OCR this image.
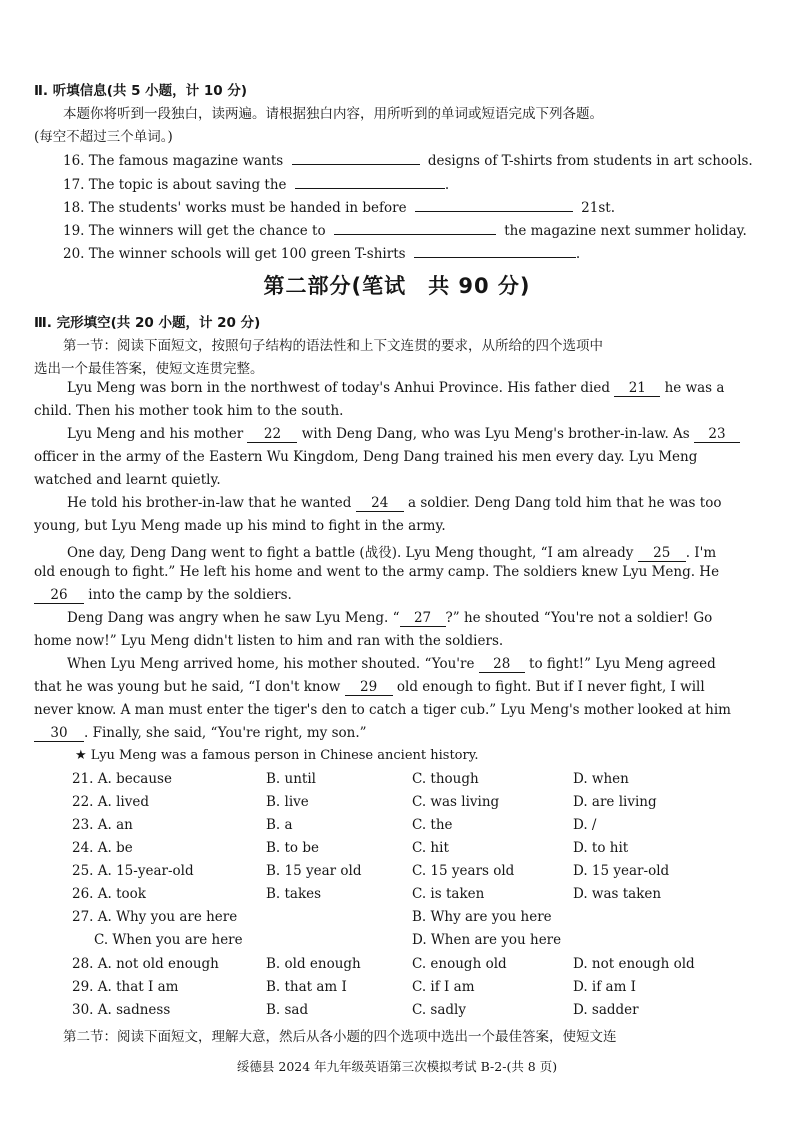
Ⅱ. 听填信息(共 5 小题，计 10 分)
本题你将听到一段独白，读两遍。请根据独白内容，用所听到的单词或短语完成下列各题。
(每空不超过三个单词。)
16. The famous magazine wants	designs of T-shirts from students in art schools.
17. The topic is about saving the	.
18. The students' works must be handed in before	21st.
19. The winners will get the chance to	the magazine next summer holiday.
20. The winner schools will get 100 green T-shirts	.
第二部分(笔试　共 90 分)
Ⅲ. 完形填空(共 20 小题，计 20 分)
第一节：阅读下面短文，按照句子结构的语法性和上下文连贯的要求，从所给的四个选项中
选出一个最佳答案，使短文连贯完整。
Lyu Meng was born in the northwest of today's Anhui Province. His father died 21 he was a
child. Then his mother took him to the south.
Lyu Meng and his mother 22 with Deng Dang, who was Lyu Meng's brother-in-law. As 23
officer in the army of the Eastern Wu Kingdom, Deng Dang trained his men every day. Lyu Meng
watched and learnt quietly.
He told his brother-in-law that he wanted 24 a soldier. Deng Dang told him that he was too
young, but Lyu Meng made up his mind to fight in the army.
One day, Deng Dang went to fight a battle (战役). Lyu Meng thought, “I am already 25 . I'm
old enough to fight.” He left his home and went to the army camp. The soldiers knew Lyu Meng. He
26 into the camp by the soldiers.
Deng Dang was angry when he saw Lyu Meng. “ 27 ?” he shouted “You're not a soldier! Go
home now!” Lyu Meng didn't listen to him and ran with the soldiers.
When Lyu Meng arrived home, his mother shouted. “You're 28 to fight!” Lyu Meng agreed
that he was young but he said, “I don't know 29 old enough to fight. But if I never fight, I will
never know. A man must enter the tiger's den to catch a tiger cub.” Lyu Meng's mother looked at him
30 . Finally, she said, “You're right, my son.”
★ Lyu Meng was a famous person in Chinese ancient history.
21. A. because	B. until	C. though	D. when
22. A. lived	B. live	C. was living	D. are living
23. A. an	B. a	C. the	D. /
24. A. be	B. to be	C. hit	D. to hit
25. A. 15-year-old	B. 15 year old	C. 15 years old	D. 15 year-old
26. A. took	B. takes	C. is taken	D. was taken
27. A. Why you are here	B. Why are you here
C. When you are here	D. When are you here
28. A. not old enough	B. old enough	C. enough old	D. not enough old
29. A. that I am	B. that am I	C. if I am	D. if am I
30. A. sadness	B. sad	C. sadly	D. sadder
第二节：阅读下面短文，理解大意，然后从各小题的四个选项中选出一个最佳答案，使短文连
绥德县 2024 年九年级英语第三次模拟考试 B-2-(共 8 页)
